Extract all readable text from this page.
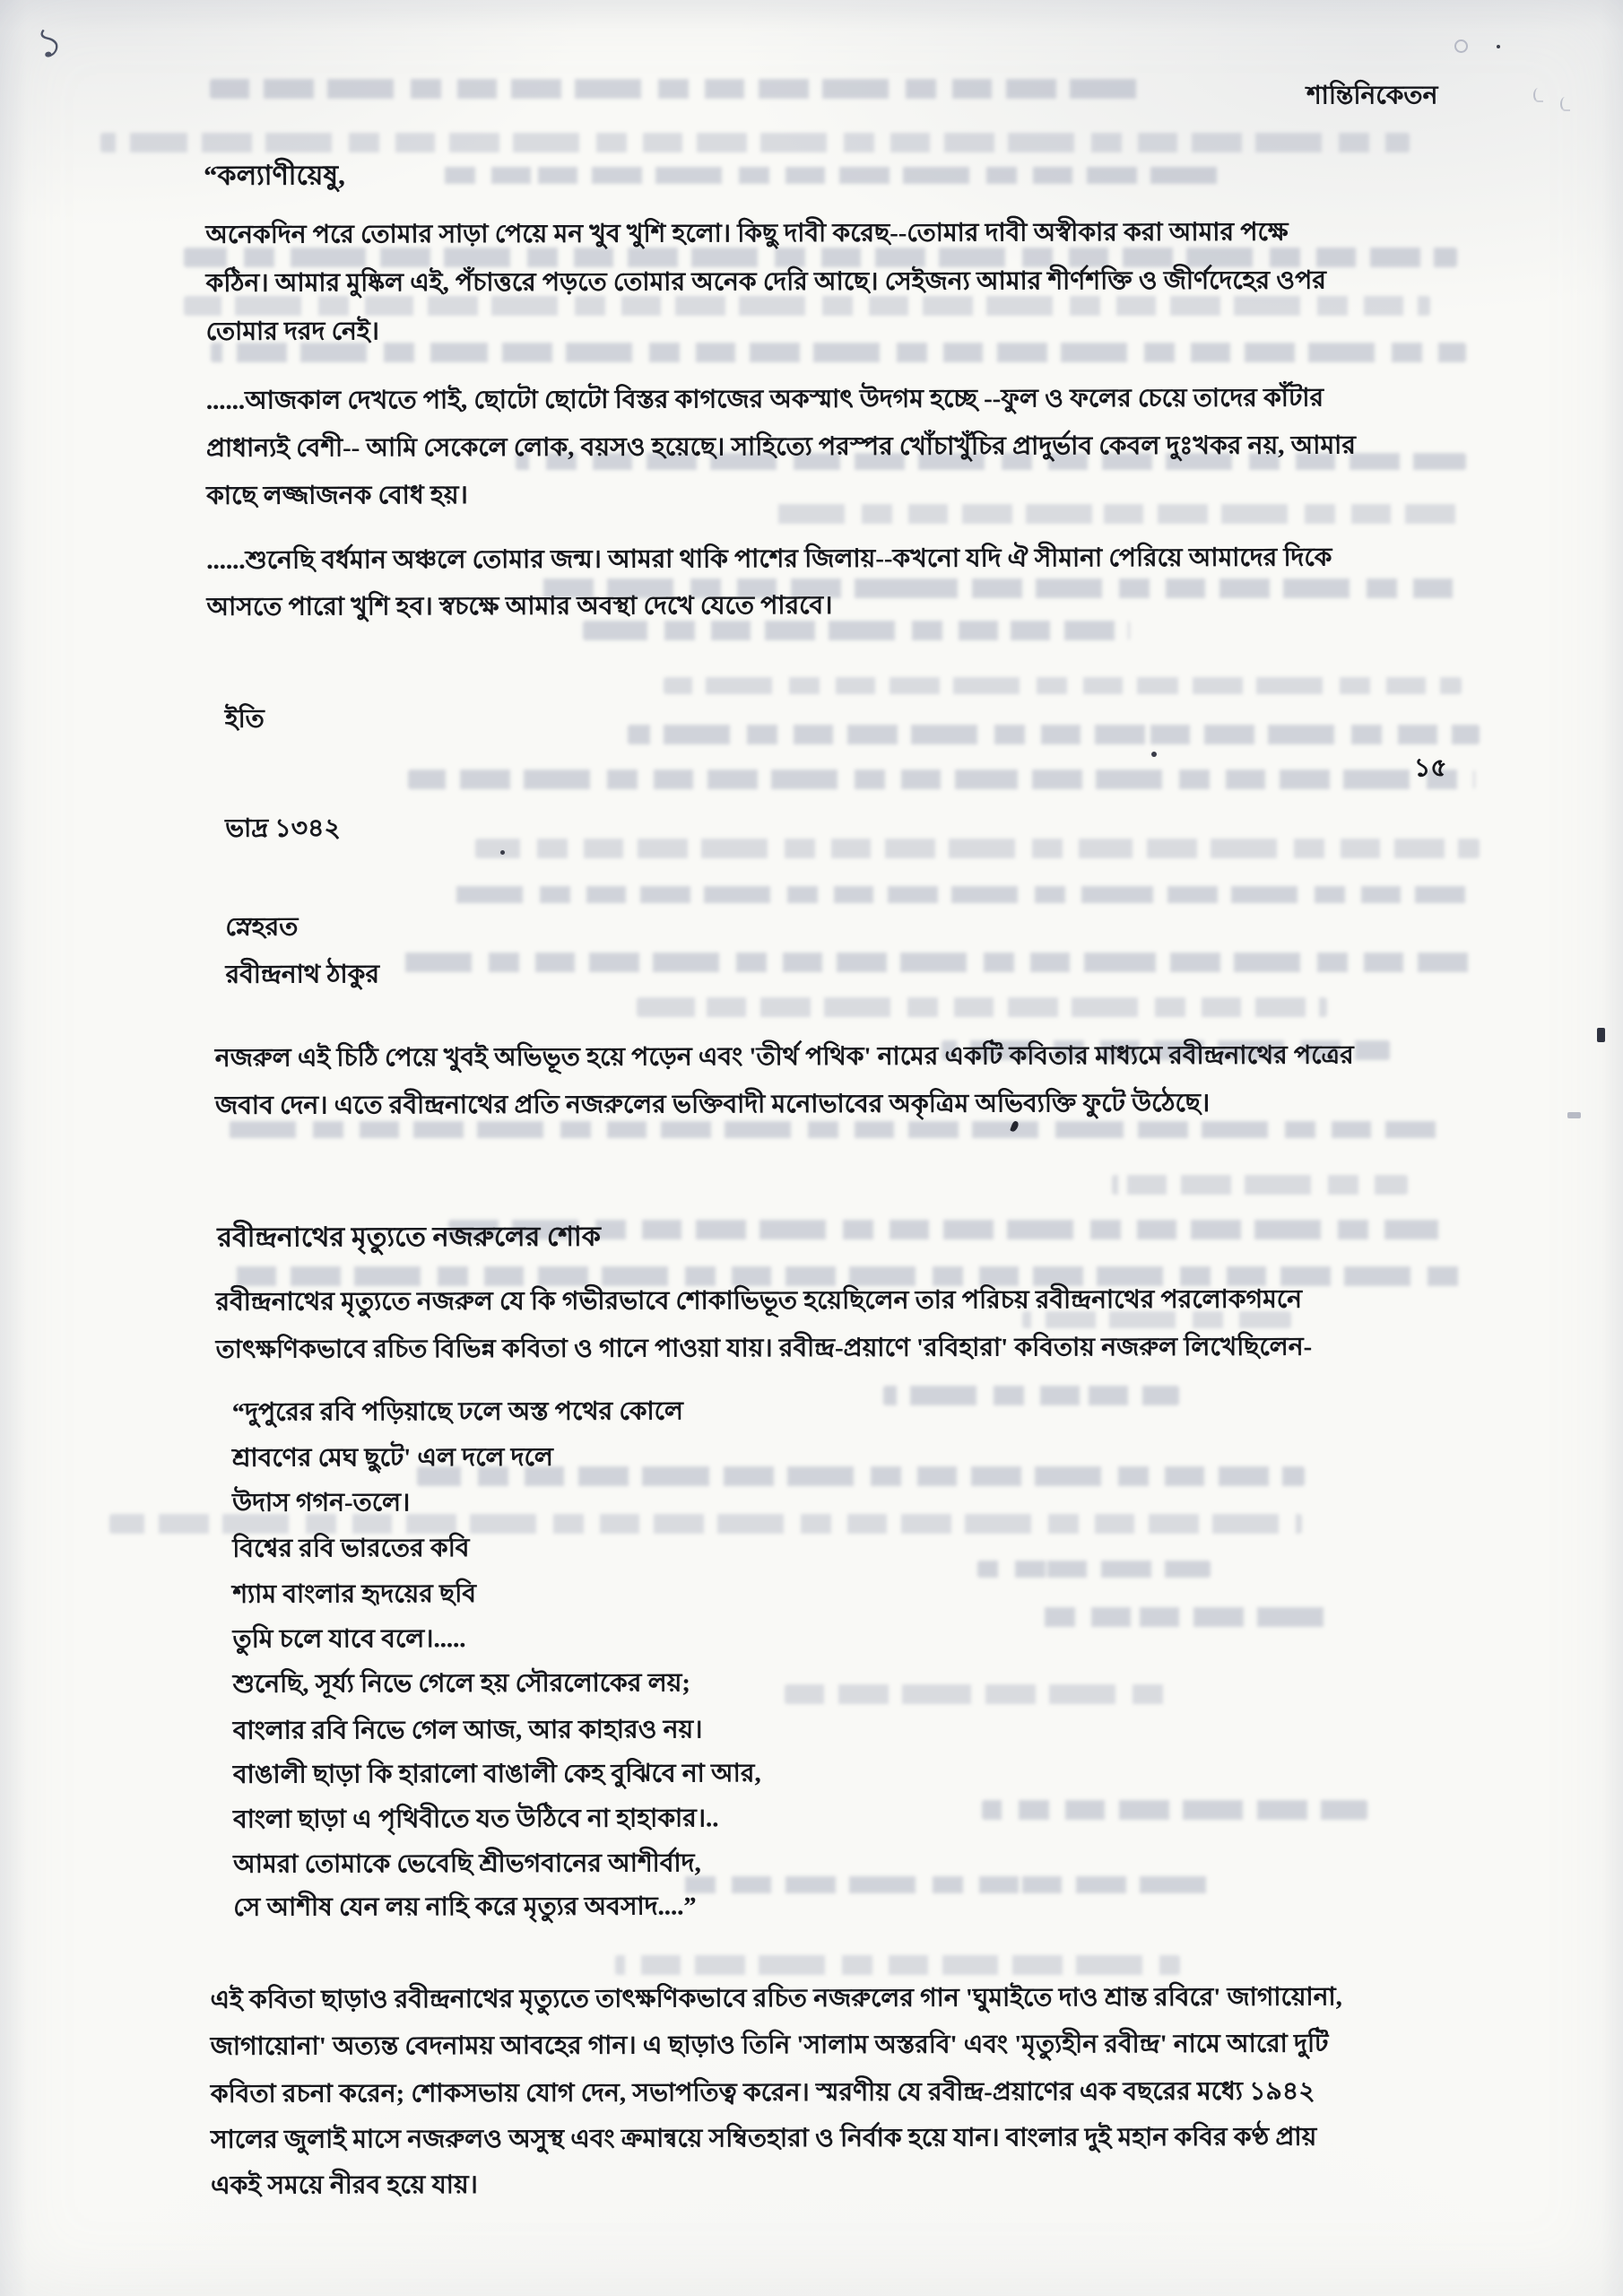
১
শান্তিনিকেতন
“কল্যাণীয়েষু,
অনেকদিন পরে তোমার সাড়া পেয়ে মন খুব খুশি হলো। কিছু দাবী করেছ--তোমার দাবী অস্বীকার করা আমার পক্ষে
কঠিন। আমার মুষ্কিল এই, পঁচাত্তরে পড়তে তোমার অনেক দেরি আছে। সেইজন্য আমার শীর্ণশক্তি ও জীর্ণদেহের ওপর
তোমার দরদ নেই।
......আজকাল দেখতে পাই, ছোটো ছোটো বিস্তর কাগজের অকস্মাৎ উদগম হচ্ছে --ফুল ও ফলের চেয়ে তাদের কাঁটার
প্রাধান্যই বেশী-- আমি সেকেলে লোক, বয়সও হয়েছে। সাহিত্যে পরস্পর খোঁচাখুঁচির প্রাদুর্ভাব কেবল দুঃখকর নয়, আমার
কাছে লজ্জাজনক বোধ হয়।
......শুনেছি বর্ধমান অঞ্চলে তোমার জন্ম। আমরা থাকি পাশের জিলায়--কখনো যদি ঐ সীমানা পেরিয়ে আমাদের দিকে
আসতে পারো খুশি হব। স্বচক্ষে আমার অবস্থা দেখে যেতে পারবে।
ইতি
১৫
ভাদ্র ১৩৪২
স্নেহরত
রবীন্দ্রনাথ ঠাকুর
নজরুল এই চিঠি পেয়ে খুবই অভিভূত হয়ে পড়েন এবং 'তীর্থ পথিক' নামের একটি কবিতার মাধ্যমে রবীন্দ্রনাথের পত্রের
জবাব দেন। এতে রবীন্দ্রনাথের প্রতি নজরুলের ভক্তিবাদী মনোভাবের অকৃত্রিম অভিব্যক্তি ফুটে উঠেছে।
রবীন্দ্রনাথের মৃত্যুতে নজরুলের শোক
রবীন্দ্রনাথের মৃত্যুতে নজরুল যে কি গভীরভাবে শোকাভিভূত হয়েছিলেন তার পরিচয় রবীন্দ্রনাথের পরলোকগমনে
তাৎক্ষণিকভাবে রচিত বিভিন্ন কবিতা ও গানে পাওয়া যায়। রবীন্দ্র-প্রয়াণে 'রবিহারা' কবিতায় নজরুল লিখেছিলেন-
“দুপুরের রবি পড়িয়াছে ঢলে অস্ত পথের কোলে
শ্রাবণের মেঘ ছুটে' এল দলে দলে
উদাস গগন-তলে।
বিশ্বের রবি ভারতের কবি
শ্যাম বাংলার হৃদয়ের ছবি
তুমি চলে যাবে বলে।.....
শুনেছি, সূর্য্য নিভে গেলে হয় সৌরলোকের লয়;
বাংলার রবি নিভে গেল আজ, আর কাহারও নয়।
বাঙালী ছাড়া কি হারালো বাঙালী কেহ বুঝিবে না আর,
বাংলা ছাড়া এ পৃথিবীতে যত উঠিবে না হাহাকার।..
আমরা তোমাকে ভেবেছি শ্রীভগবানের আশীর্বাদ,
সে আশীষ যেন লয় নাহি করে মৃত্যুর অবসাদ....”
এই কবিতা ছাড়াও রবীন্দ্রনাথের মৃত্যুতে তাৎক্ষণিকভাবে রচিত নজরুলের গান 'ঘুমাইতে দাও শ্রান্ত রবিরে' জাগায়োনা,
জাগায়োনা' অত্যন্ত বেদনাময় আবহের গান। এ ছাড়াও তিনি 'সালাম অস্তরবি' এবং 'মৃত্যুহীন রবীন্দ্র' নামে আরো দুটি
কবিতা রচনা করেন; শোকসভায় যোগ দেন, সভাপতিত্ব করেন। স্মরণীয় যে রবীন্দ্র-প্রয়াণের এক বছরের মধ্যে ১৯৪২
সালের জুলাই মাসে নজরুলও অসুস্থ এবং ক্রমান্বয়ে সম্বিতহারা ও নির্বাক হয়ে যান। বাংলার দুই মহান কবির কণ্ঠ প্রায়
একই সময়ে নীরব হয়ে যায়।
